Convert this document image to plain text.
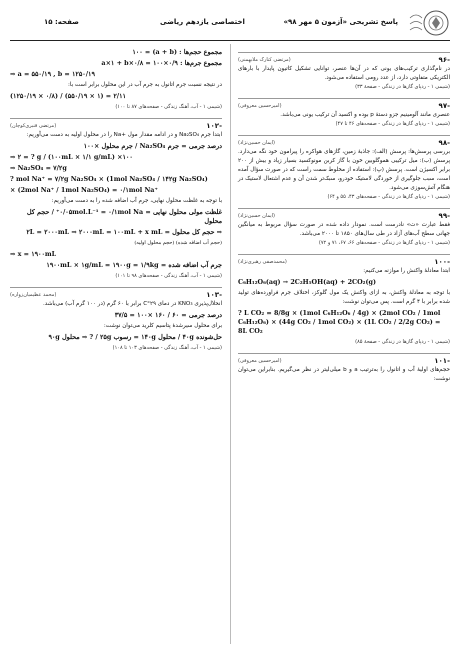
پاسخ تشریحی «آزمون ۵ مهر ۹۸»
اختصاصی یازدهم ریاضی
صفحه: ۱۵
-۹۶
(مرتضی کنارک ملابهمنی)
در نام‌گذاری ترکیب‌های یونی که در آن‌ها عنصر، توانایی تشکیل کاتیون پایدار با بارهای الکتریکی متفاوتی دارد، از عدد رومی استفاده می‌شود.
(شیمی ۱ - ردپای گازها در زندگی - صفحهٔ ۳۳)
-۹۷
(امیرحسین معروفی)
عنصری مانند آلومینیم جزو دستهٔ p بوده و اکسید آن ترکیب یونی می‌باشد.
(شیمی ۱ - ردپای گازها در زندگی - صفحه‌های ۴۶ تا ۴۷)
-۹۸
(ایمان حسین‌نژاد)
بررسی پرسش‌ها: پرسش (الف): جاذبهٔ زمین، گازهای هواکره را پیرامون خود نگه می‌دارد. پرسش (ب): میل ترکیبی هموگلوبین خون با گاز کربن مونوکسید بسیار زیاد و بیش از ۲۰۰ برابر اکسیژن است. پرسش (پ): استفاده از مخلوط سمت راست که در صورت سؤال آمده است، سبب جلوگیری از خوردگی لاستیک خودرو، سبک‌تر شدن آن و عدم اشتعال لاستیک در هنگام آتش‌سوزی می‌شود.
(شیمی ۱ - ردپای گازها در زندگی - صفحه‌های ۴۳، ۵۵ و ۶۴)
-۹۹
(ایمان حسین‌نژاد)
فقط عبارت «ت» نادرست است. نمودار داده شده در صورت سؤال مربوط به میانگین جهانی سطح آب‌های آزاد در طی سال‌های ۱۸۵۰ تا ۲۰۰۰ می‌باشد.
(شیمی ۱ - ردپای گازها در زندگی - صفحه‌های ۶۶، ۶۷، ۷۱ و ۷۲)
-۱۰۰
(محمدصفی رهبری‌نژاد)
ابتدا معادلهٔ واکنش را موازنه می‌کنیم:
C₆H₁₂O₆(aq) → 2C₂H₅OH(aq) + 2CO₂(g)
با توجه به معادلهٔ واکنش، به ازای واکنش یک مول گلوکز، اختلاف جرم فراورده‌های تولید شده برابر با ۴ گرم است. پس می‌توان نوشت:
? L CO₂ = 8/8g × (1mol C₆H₁₂O₆ / 4g) × (2mol CO₂ / 1mol C₆H₁₂O₆) × (44g CO₂ / 1mol CO₂) × (1L CO₂ / 2/2g CO₂) = 8L CO₂
(شیمی ۱ - ردپای گازها در زندگی - صفحهٔ ۸۵)
-۱۰۱
(امیرحسین معروفی)
حجم‌های اولیهٔ آب و اتانول را به‌ترتیب a و b میلی‌لیتر در نظر می‌گیریم. بنابراین می‌توان نوشت:
مجموع حجم‌ها : (a + b) = ۱۰۰
مجموع جرم‌ها : a×۱ + b×۰/۸ = ۱۰۰×۰/۹
⇒ a = ۵۵۰/۱۹ , b = ۱۲۵۰/۱۹
در نتیجه نسبت جرم اتانول به جرم آب در این محلول برابر است با:
(۱۲۵۰/۱۹ × ۰/۸) / (۵۵۰/۱۹ × ۱) = ۲/۱۱
(شیمی ۱ - آب، آهنگ زندگی - صفحه‌های ۸۷ تا ۱۰۰)
-۱۰۲
(مرتضی قنبری‌کوچان)
ابتدا جرم Na₂SO₄ و در ادامه مقدار مول +Na را در محلول اولیه به دست می‌آوریم:
درصد جرمی = جرم Na₂SO₄ / جرم محلول ×۱۰۰
⇒ ۲ = ? g / (۱۰۰mL × ۱/۱ g/mL) ×۱۰۰
⇒ Na₂SO₄ = ۷/۲g
? mol Na⁺ = ۷/۲g Na₂SO₄ × (1mol Na₂SO₄ / ۱۴۲g Na₂SO₄)
× (2mol Na⁺ / 1mol Na₂SO₄) = ۰/۱mol Na⁺
با توجه به غلظت محلول نهایی، جرم آب اضافه شده را به دست می‌آوریم:
غلظت مولی محلول نهایی = ۰/۰۵mol.L⁻¹ = ۰/۱mol Na⁺ / حجم کل محلول
⇒ حجم کل محلول = ۲L = ۲۰۰۰mL ⇒ ۲۰۰۰mL = ۱۰۰mL + x mL
(حجم آب اضافه شده) (حجم محلول اولیه)
⇒ x = ۱۹۰۰mL
جرم آب اضافه شده = ۱۹۰۰mL × ۱g/mL = ۱۹۰۰g = ۱/۹kg
(شیمی ۱ - آب، آهنگ زندگی - صفحه‌های ۹۸ تا ۱۰۱)
-۱۰۳
(محمد عظیمیان‌زواره)
انحلال‌پذیری KNO₃ در دمای ۲۹°C برابر با ۶۰ گرم (در ۱۰۰ گرم آب) می‌باشد.
درصد جرمی = ۶۰ / ۱۶۰ ×۱۰۰ = ۳۷/۵
برای محلول سیرشدهٔ پتاسیم کلرید می‌توان نوشت:
حل‌شونده ۴۰g / محلول ۱۴۰g = رسوب ۲۵g / ? ⇒ محلول ۹۰g
(شیمی ۱ - آب، آهنگ زندگی - صفحه‌های ۱۰۳ تا ۱۰۸)
